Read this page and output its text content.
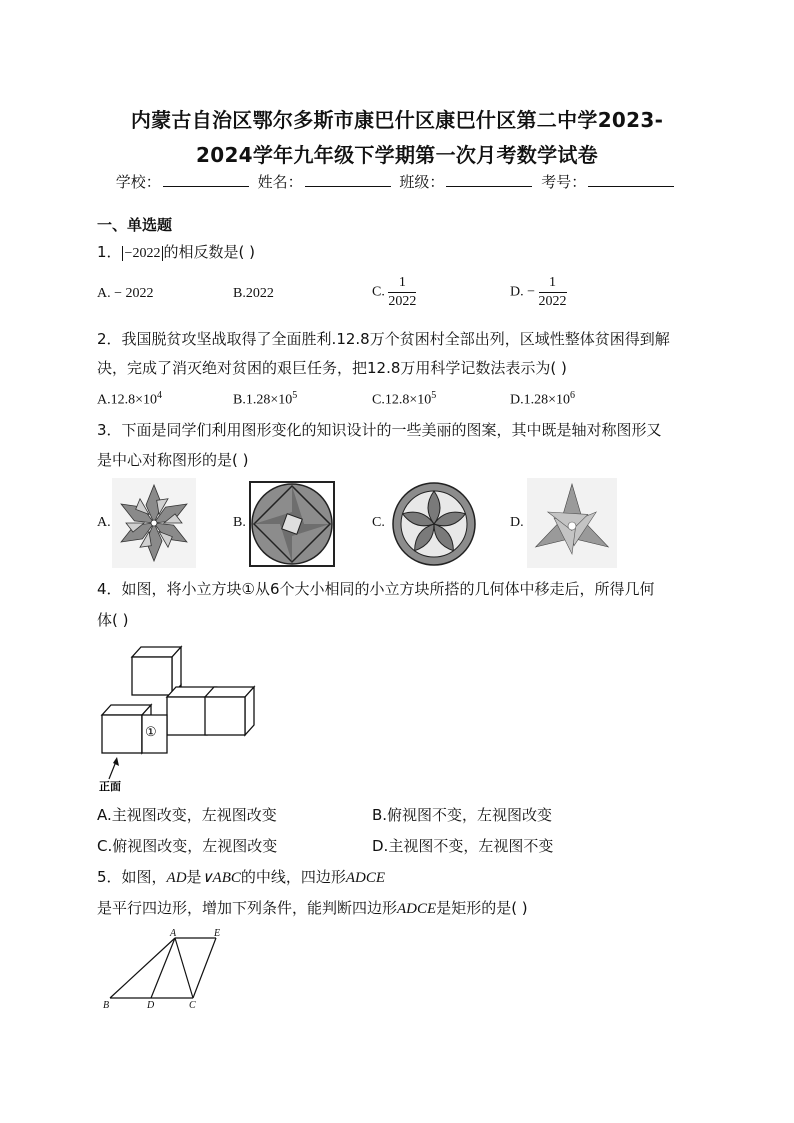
内蒙古自治区鄂尔多斯市康巴什区康巴什区第二中学2023-
2024学年九年级下学期第一次月考数学试卷
学校：	姓名：	班级：	考号：
一、单选题
1． −2022 的相反数是( )
A. − 2022	B.2022	C. $\frac{1}{2022}$	D. − $\frac{1}{2022}$
2．我国脱贫攻坚战取得了全面胜利.12.8万个贫困村全部出列，区域性整体贫困得到解
决，完成了消灭绝对贫困的艰巨任务，把12.8万用科学记数法表示为( )
$A.12.8\times 10^4$	$B.1.28\times 10^5$	$C.12.8\times 10^5$	$D.1.28\times 10^6$
3．下面是同学们利用图形变化的知识设计的一些美丽的图案，其中既是轴对称图形又
是中心对称图形的是( )
A.	B.	C.	D.
4．如图，将小立方块①从6个大小相同的小立方块所搭的几何体中移走后，所得几何
体( )
①
正面
A.主视图改变，左视图改变	B.俯视图不变，左视图改变
C.俯视图改变，左视图改变	D.主视图不变，左视图不变
5．如图，AD是∨ABC的中线，四边形ADCE
是平行四边形，增加下列条件，能判断四边形ADCE是矩形的是( )
A	E
B	D	C
